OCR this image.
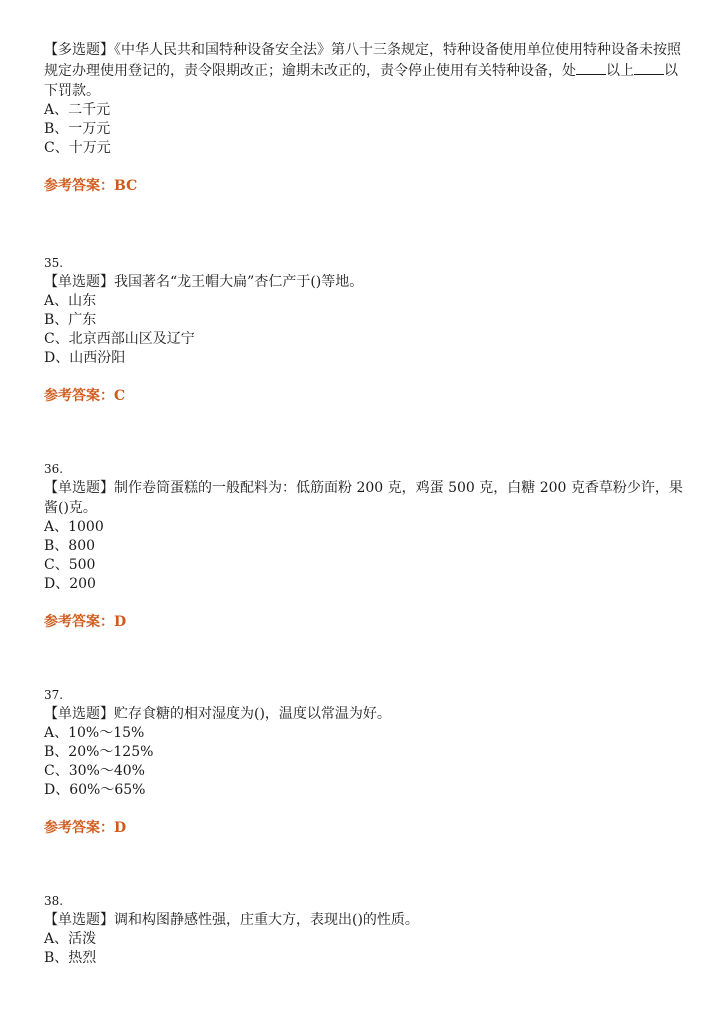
【多选题】《中华人民共和国特种设备安全法》第八十三条规定，特种设备使用单位使用特种设备未按照规定办理使用登记的，责令限期改正；逾期未改正的，责令停止使用有关特种设备，处 以上 以下罚款。

A、二千元

B、一万元

C、十万元

参考答案：BC

35.

【单选题】我国著名“龙王帽大扁”杏仁产于()等地。

A、山东

B、广东

C、北京西部山区及辽宁

D、山西汾阳

参考答案：C

36.

【单选题】制作卷筒蛋糕的一般配料为：低筋面粉 200 克，鸡蛋 500 克，白糖 200 克香草粉少许，果酱()克。

A、1000

B、800

C、500

D、200

参考答案：D

37.

【单选题】贮存食糖的相对湿度为()，温度以常温为好。

A、10%～15%

B、20%～125%

C、30%～40%

D、60%～65%

参考答案：D

38.

【单选题】调和构图静感性强，庄重大方，表现出()的性质。

A、活泼

B、热烈
